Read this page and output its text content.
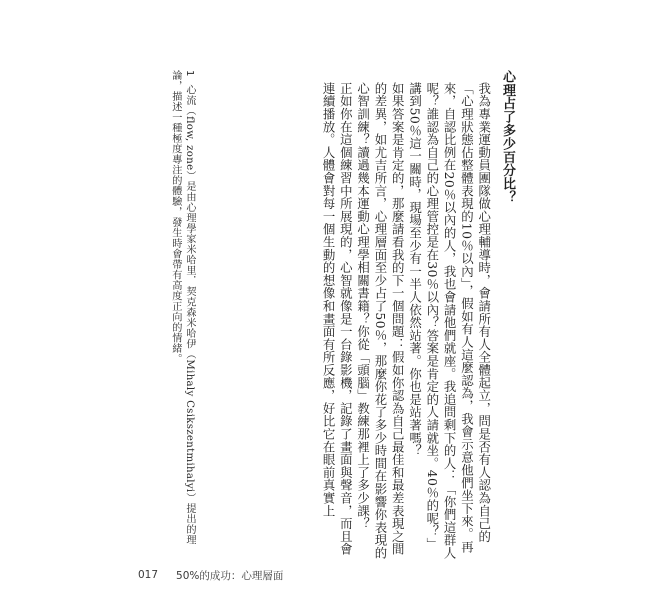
心理占了多少百分比？
我為專業運動員團隊做心理輔導時，會請所有人全體起立，問是否有人認為自己的「心理狀態佔整體表現的10％以內」，假如有人這麼認為，我會示意他們坐下來。再來，自認比例在20％以內的人，我也會請他們就座。我追問剩下的人：「你們這群人呢？誰認為自己的心理管控是在30％以內？答案是肯定的人請就坐。40％的呢？」
講到50％這一關時，現場至少有一半人依然站著。你也是站著嗎？
如果答案是肯定的，那麼請看我的下一個問題：假如你認為自己最佳和最差表現之間的差異，如尤吉所言，心理層面至少占了50％，那麼你花了多少時間在影響你表現的心智訓練？讀過幾本運動心理學相關書籍？你從「頭腦」教練那裡上了多少課？
正如你在這個練習中所展現的，心智就像是一台錄影機，記錄了畫面與聲音，而且會連續播放。人體會對每一個生動的想像和畫面有所反應，好比它在眼前真實上
1心流（flow, zone）是由心理學家米哈里．契克森米哈伊（Mihaly Csikszentmihalyi）提出的理論，描述一種極度專注的體驗，發生時會帶有高度正向的情緒。
017 50%的成功：心理層面
